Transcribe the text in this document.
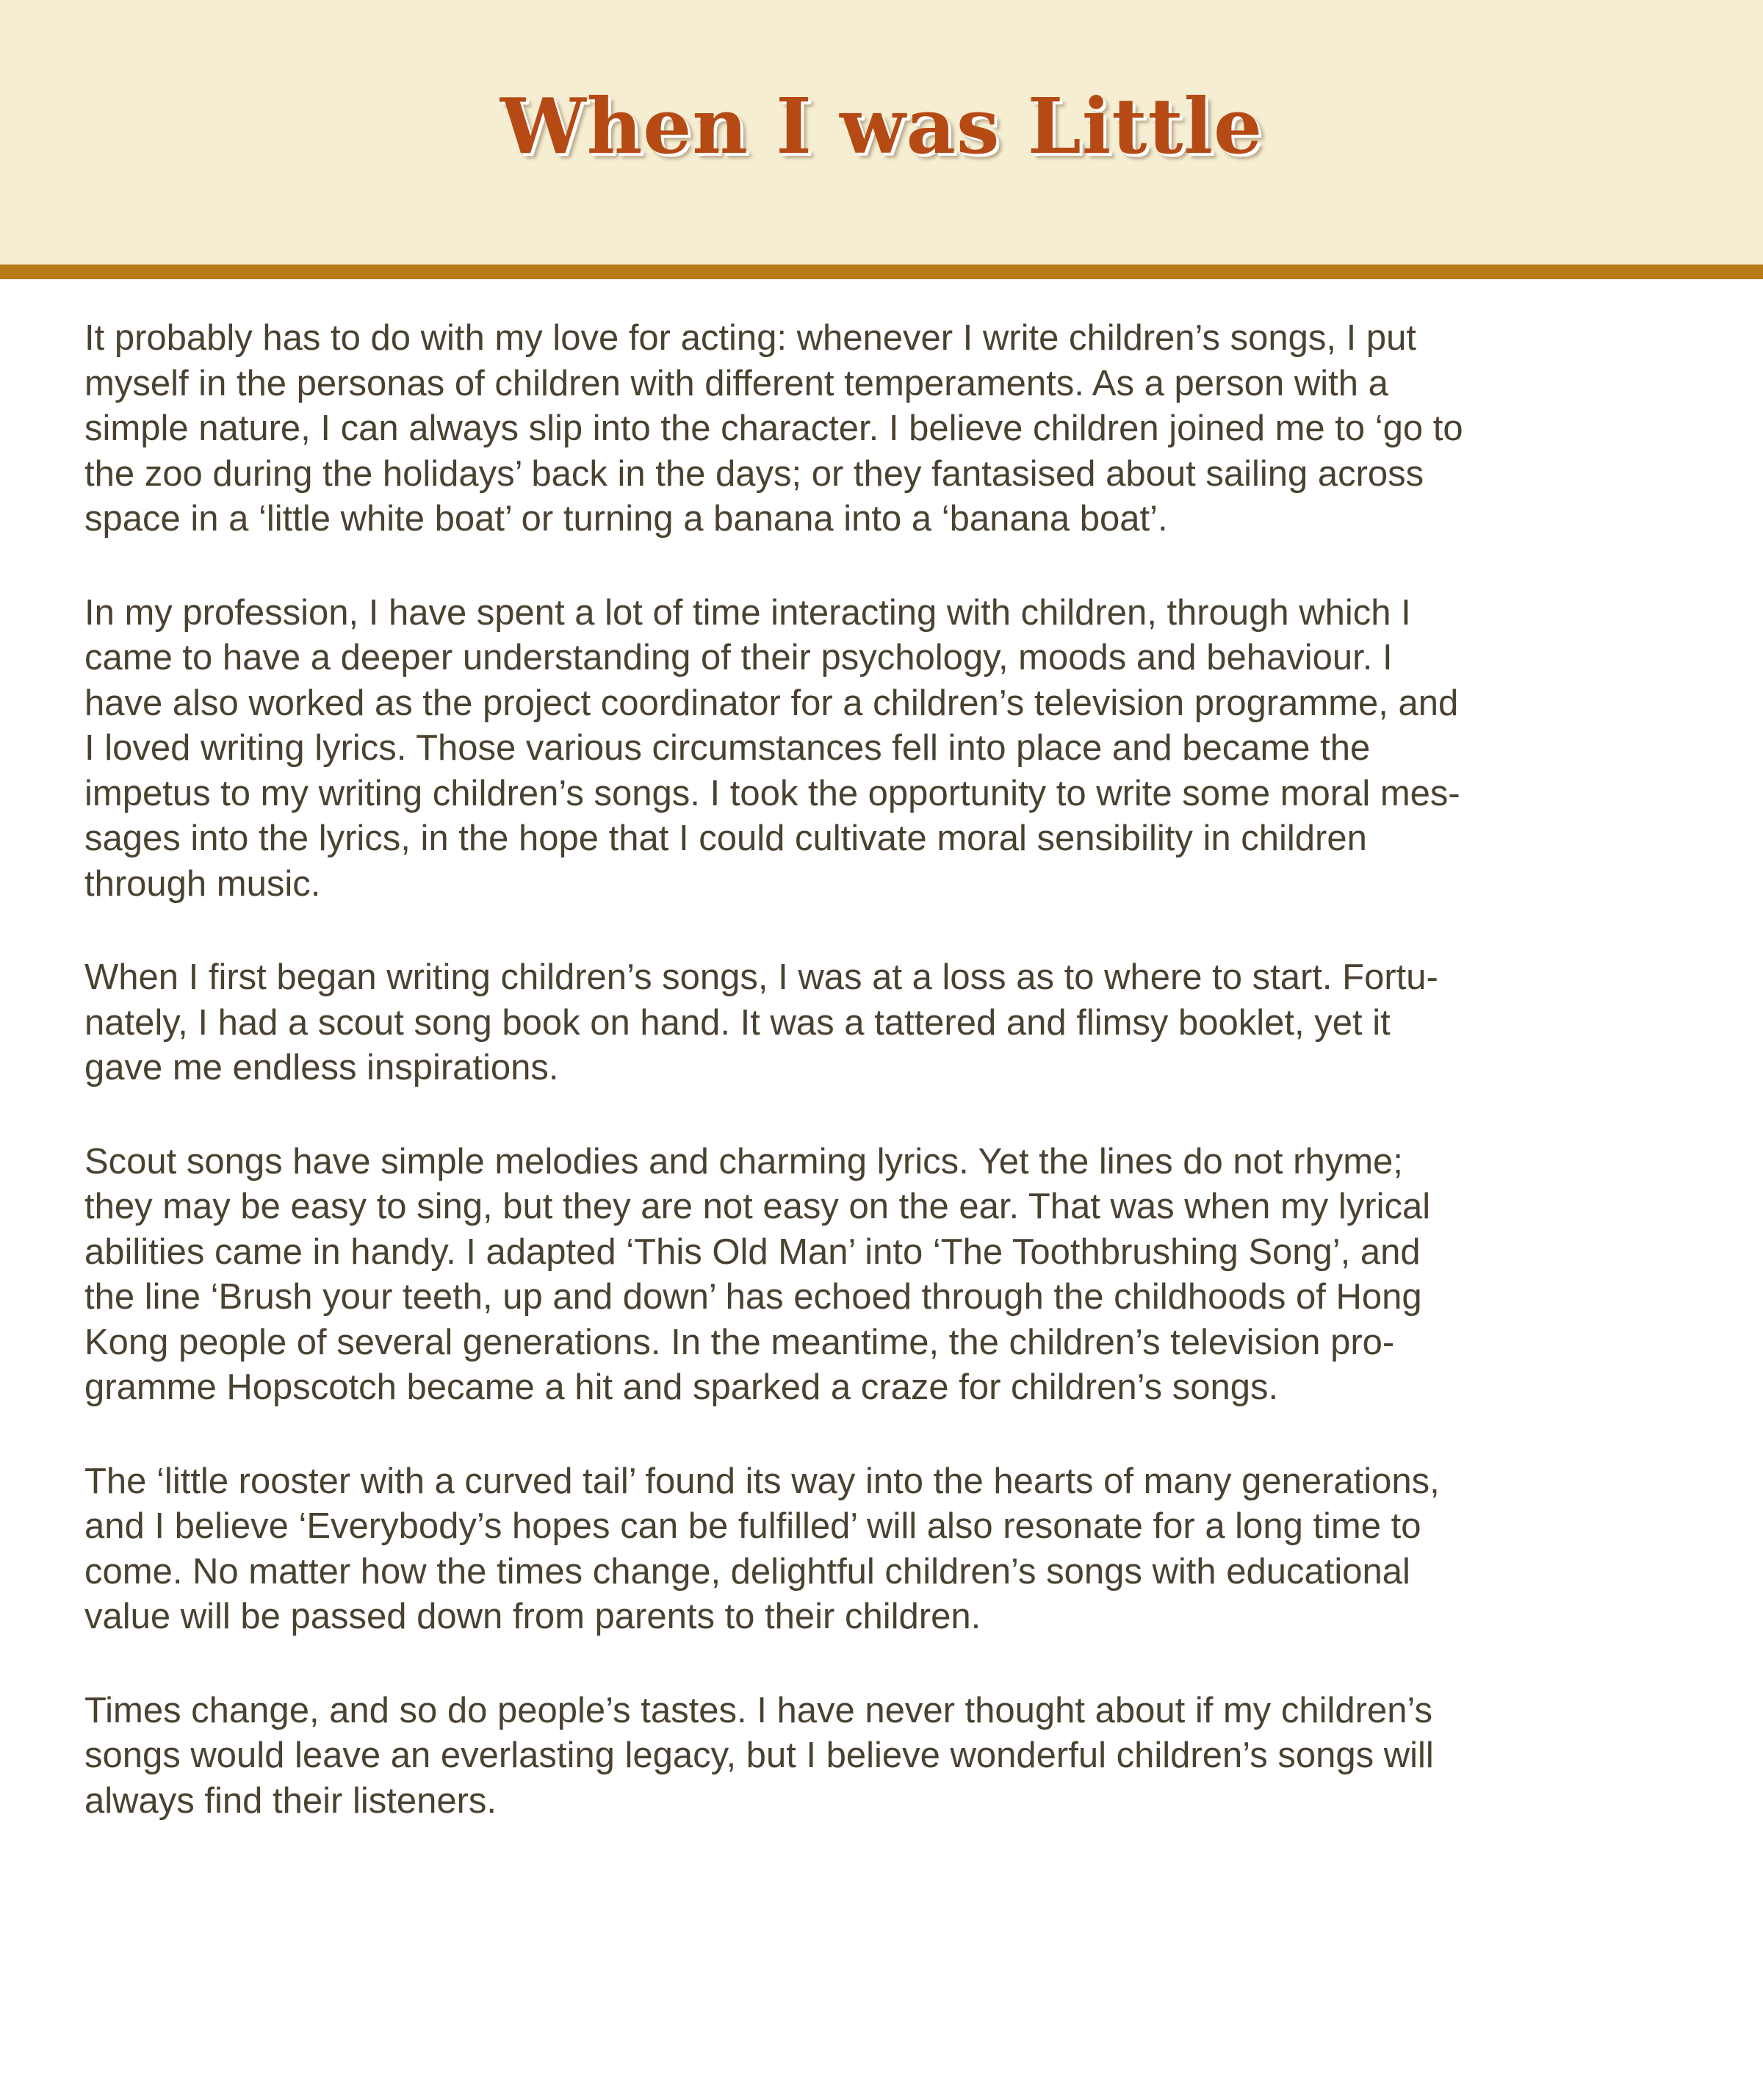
When I was Little

It probably has to do with my love for acting: whenever I write children’s songs, I put
myself in the personas of children with different temperaments. As a person with a
simple nature, I can always slip into the character. I believe children joined me to ‘go to
the zoo during the holidays’ back in the days; or they fantasised about sailing across
space in a ‘little white boat’ or turning a banana into a ‘banana boat’.

In my profession, I have spent a lot of time interacting with children, through which I
came to have a deeper understanding of their psychology, moods and behaviour. I
have also worked as the project coordinator for a children’s television programme, and
I loved writing lyrics. Those various circumstances fell into place and became the
impetus to my writing children’s songs. I took the opportunity to write some moral mes-
sages into the lyrics, in the hope that I could cultivate moral sensibility in children
through music.

When I first began writing children’s songs, I was at a loss as to where to start. Fortu-
nately, I had a scout song book on hand. It was a tattered and flimsy booklet, yet it
gave me endless inspirations.

Scout songs have simple melodies and charming lyrics. Yet the lines do not rhyme;
they may be easy to sing, but they are not easy on the ear. That was when my lyrical
abilities came in handy. I adapted ‘This Old Man’ into ‘The Toothbrushing Song’, and
the line ‘Brush your teeth, up and down’ has echoed through the childhoods of Hong
Kong people of several generations. In the meantime, the children’s television pro-
gramme Hopscotch became a hit and sparked a craze for children’s songs.

The ‘little rooster with a curved tail’ found its way into the hearts of many generations,
and I believe ‘Everybody’s hopes can be fulfilled’ will also resonate for a long time to
come. No matter how the times change, delightful children’s songs with educational
value will be passed down from parents to their children.

Times change, and so do people’s tastes. I have never thought about if my children’s
songs would leave an everlasting legacy, but I believe wonderful children’s songs will
always find their listeners.
